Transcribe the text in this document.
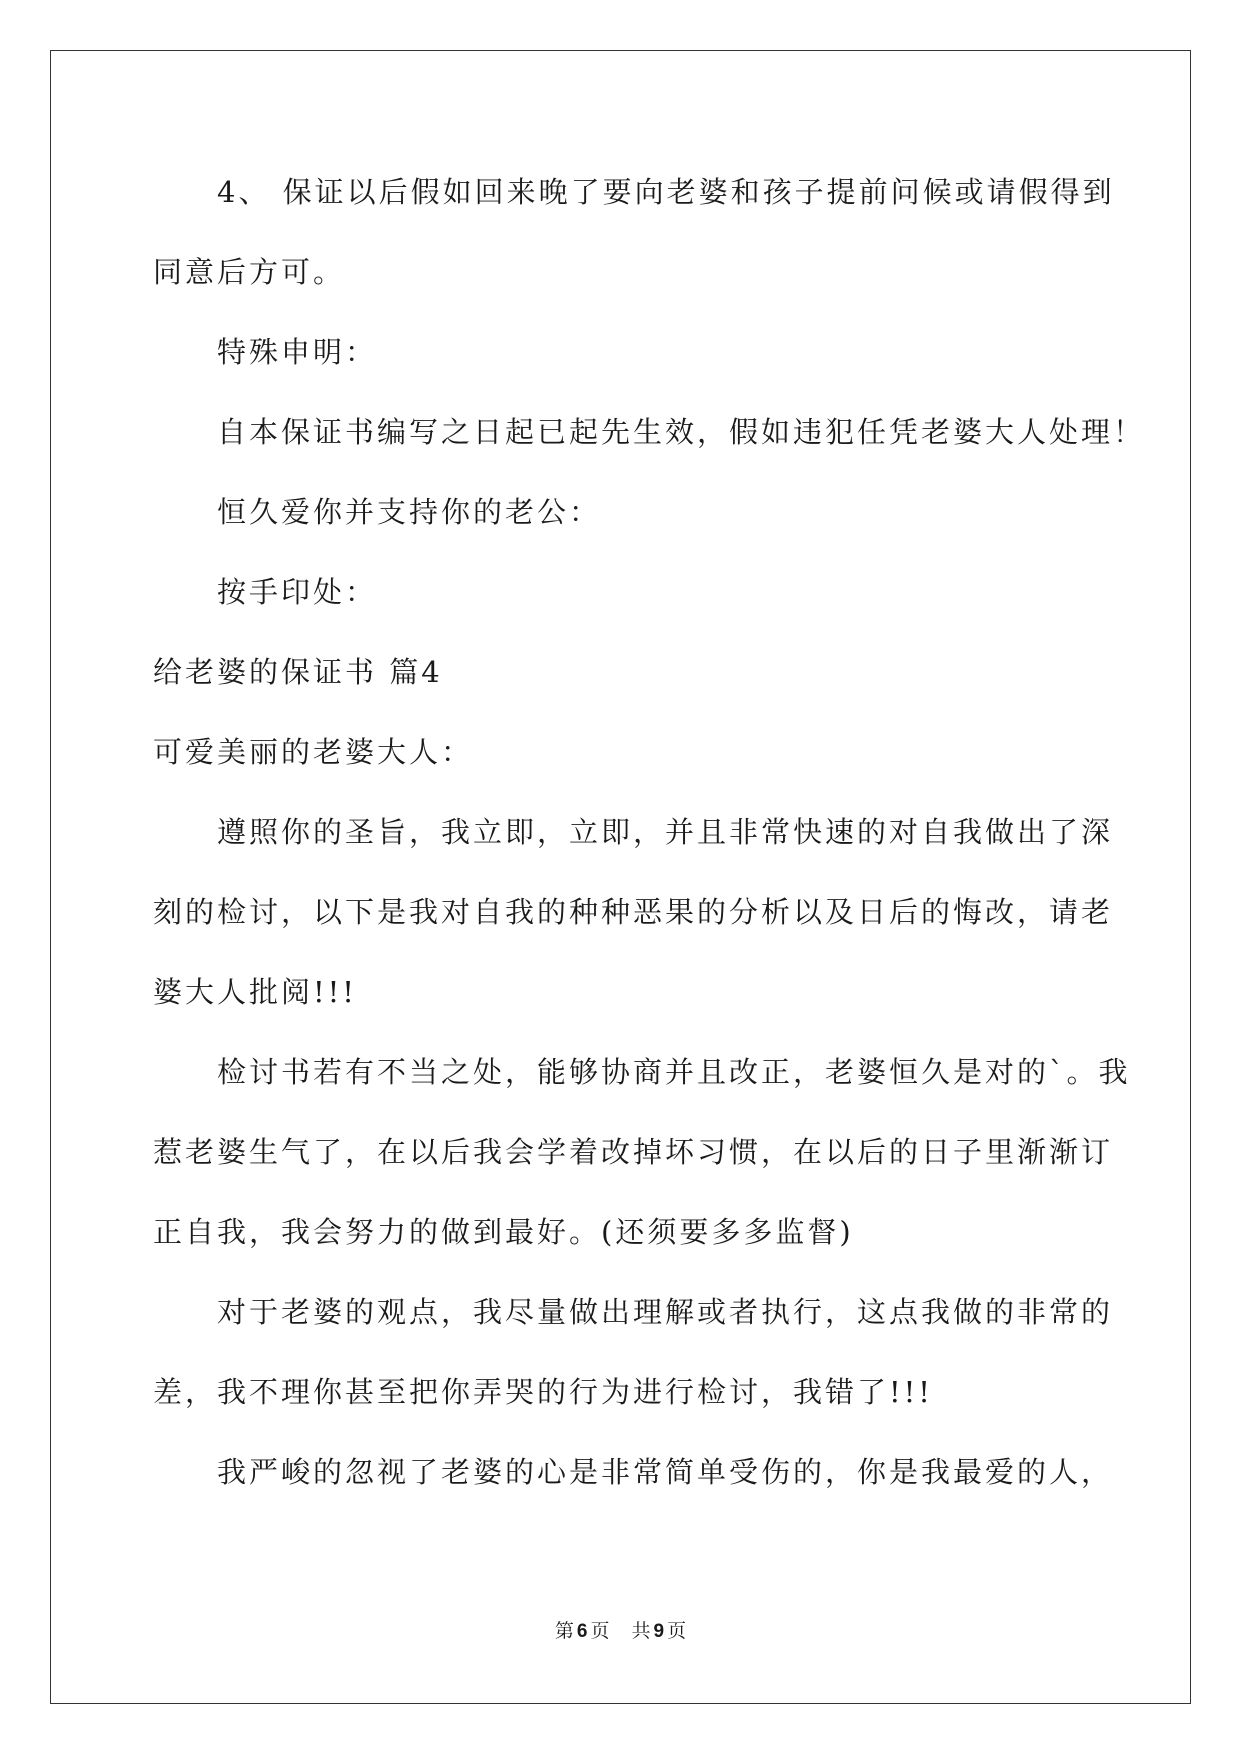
　　4、 保证以后假如回来晚了要向老婆和孩子提前问候或请假得到
同意后方可。
　　特殊申明：
　　自本保证书编写之日起已起先生效，假如违犯任凭老婆大人处理！
　　恒久爱你并支持你的老公：
　　按手印处：
给老婆的保证书 篇4
可爱美丽的老婆大人：
　　遵照你的圣旨，我立即，立即，并且非常快速的对自我做出了深
刻的检讨，以下是我对自我的种种恶果的分析以及日后的悔改，请老
婆大人批阅!!!
　　检讨书若有不当之处，能够协商并且改正，老婆恒久是对的`。我
惹老婆生气了，在以后我会学着改掉坏习惯，在以后的日子里渐渐订
正自我，我会努力的做到最好。(还须要多多监督)
　　对于老婆的观点，我尽量做出理解或者执行，这点我做的非常的
差，我不理你甚至把你弄哭的行为进行检讨，我错了!!!
　　我严峻的忽视了老婆的心是非常简单受伤的，你是我最爱的人，
第 6 页 共 9 页
